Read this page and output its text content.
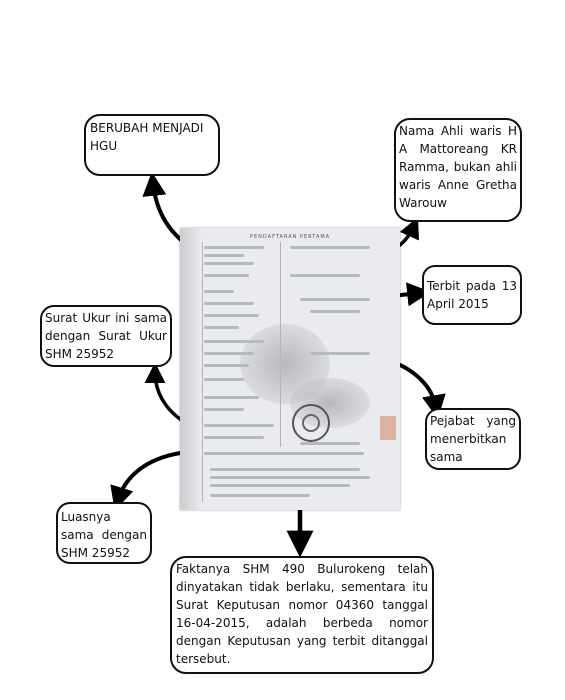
PENDAFTARAN PERTAMA
BERUBAH MENJADI HGU
Nama Ahli waris H A Mattoreang KR Ramma, bukan ahli waris Anne Gretha Warouw
Terbit pada 13 April 2015
Surat Ukur ini sama dengan Surat Ukur SHM 25952
Pejabat yang menerbitkan sama
Luasnya sama dengan SHM 25952
Faktanya SHM 490 Bulurokeng telah dinyatakan tidak berlaku, sementara itu Surat Keputusan nomor 04360 tanggal 16-04-2015, adalah berbeda nomor dengan Keputusan yang terbit ditanggal tersebut.
